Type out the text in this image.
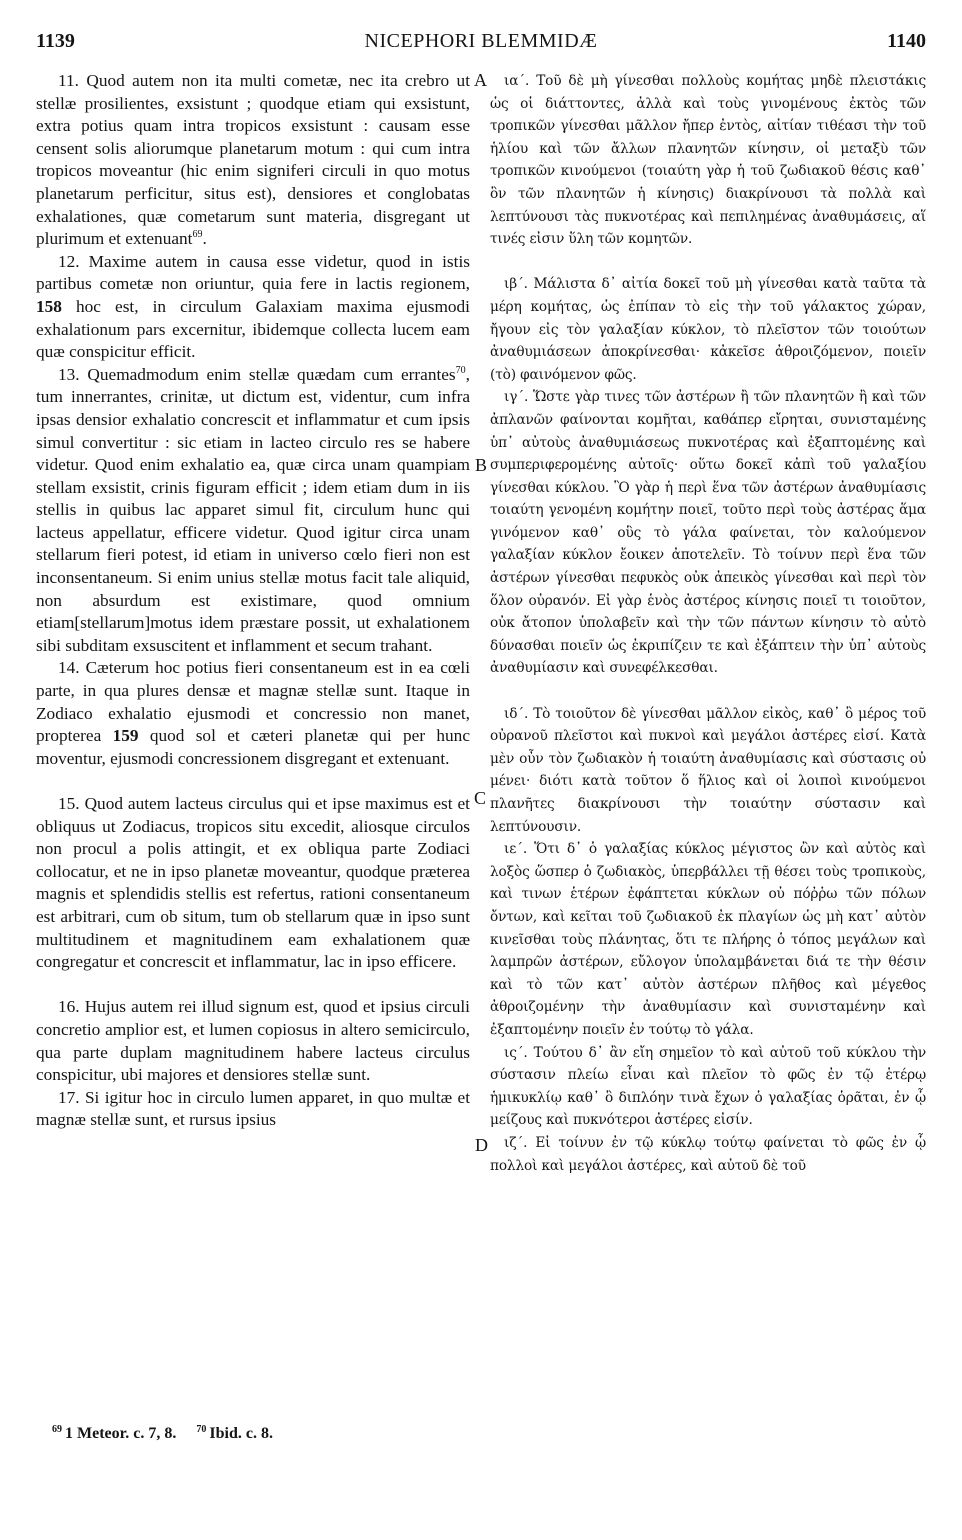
1139	NICEPHORI BLEMMIDÆ	1140

11. Quod autem non ita multi cometæ, nec ita crebro ut stellæ prosilientes, exsistunt ; quodque etiam qui exsistunt, extra potius quam intra tropicos exsistunt : causam esse censent solis aliorumque planetarum motum : qui cum intra tropicos moveantur (hic enim signiferi circuli in quo motus planetarum perficitur, situs est), densiores et conglobatas exhalationes, quæ cometarum sunt materia, disgregant ut plurimum et extenuant$^{69}$.

12. Maxime autem in causa esse videtur, quod in istis partibus cometæ non oriuntur, quia fere in lactis regionem, 158 hoc est, in circulum Galaxiam maxima ejusmodi exhalationum pars excernitur, ibidemque collecta lucem eam quæ conspicitur efficit.

13. Quemadmodum enim stellæ quædam cum errantes$^{70}$, tum innerrantes, crinitæ, ut dictum est, videntur, cum infra ipsas densior exhalatio concrescit et inflammatur et cum ipsis simul convertitur : sic etiam in lacteo circulo res se habere videtur. Quod enim exhalatio ea, quæ circa unam quampiam stellam exsistit, crinis figuram efficit ; idem etiam dum in iis stellis in quibus lac apparet simul fit, circulum hunc qui lacteus appellatur, efficere videtur. Quod igitur circa unam stellarum fieri potest, id etiam in universo cœlo fieri non est inconsentaneum. Si enim unius stellæ motus facit tale aliquid, non absurdum est existimare, quod omnium etiam[stellarum]motus idem præstare possit, ut exhalationem sibi subditam exsuscitent et inflamment et secum trahant.

14. Cæterum hoc potius fieri consentaneum est in ea cœli parte, in qua plures densæ et magnæ stellæ sunt. Itaque in Zodiaco exhalatio ejusmodi et concressio non manet, propterea 159 quod sol et cæteri planetæ qui per hunc moventur, ejusmodi concressionem disgregant et extenuant.

15. Quod autem lacteus circulus qui et ipse maximus est et obliquus ut Zodiacus, tropicos situ excedit, aliosque circulos non procul a polis attingit, et ex obliqua parte Zodiaci collocatur, et ne in ipso planetæ moveantur, quodque præterea magnis et splendidis stellis est refertus, rationi consentaneum est arbitrari, cum ob situm, tum ob stellarum quæ in ipso sunt multitudinem et magnitudinem eam exhalationem quæ congregatur et concrescit et inflammatur, lac in ipso efficere.

16. Hujus autem rei illud signum est, quod et ipsius circuli concretio amplior est, et lumen copiosus in altero semicirculo, qua parte duplam magnitudinem habere lacteus circulus conspicitur, ubi majores et densiores stellæ sunt.

17. Si igitur hoc in circulo lumen apparet, in quo multæ et magnæ stellæ sunt, et rursus ipsius

A
B
C
D

ια΄. Τοῦ δὲ μὴ γίνεσθαι πολλοὺς κομήτας μηδὲ πλειστάκις ὡς οἱ διάττοντες, ἀλλὰ καὶ τοὺς γινομένους ἐκτὸς τῶν τροπικῶν γίνεσθαι μᾶλλον ἤπερ ἐντὸς, αἰτίαν τιθέασι τὴν τοῦ ἡλίου καὶ τῶν ἄλλων πλανητῶν κίνησιν, οἱ μεταξὺ τῶν τροπικῶν κινούμενοι (τοιαύτη γὰρ ἡ τοῦ ζωδιακοῦ θέσις καθ᾿ ὃν τῶν πλανητῶν ἡ κίνησις) διακρίνουσι τὰ πολλὰ καὶ λεπτύνουσι τὰς πυκνοτέρας καὶ πεπιλημένας ἀναθυμάσεις, αἵ τινές εἰσιν ὕλη τῶν κομητῶν.

ιβ΄. Μάλιστα δ᾿ αἰτία δοκεῖ τοῦ μὴ γίνεσθαι κατὰ ταῦτα τὰ μέρη κομήτας, ὡς ἐπίπαν τὸ εἰς τὴν τοῦ γάλακτος χώραν, ἤγουν εἰς τὸν γαλαξίαν κύκλον, τὸ πλεῖστον τῶν τοιούτων ἀναθυμιάσεων ἀποκρίνεσθαι· κἀκεῖσε ἀθροιζόμενον, ποιεῖν (τὸ) φαινόμενον φῶς.

ιγ΄. Ὥστε γὰρ τινες τῶν ἀστέρων ἢ τῶν πλανητῶν ἢ καὶ τῶν ἀπλανῶν φαίνονται κομῆται, καθάπερ εἴρηται, συνισταμένης ὑπ᾿ αὐτοὺς ἀναθυμιάσεως πυκνοτέρας καὶ ἐξαπτομένης καὶ συμπεριφερομένης αὐτοῖς· οὕτω δοκεῖ κἀπὶ τοῦ γαλαξίου γίνεσθαι κύκλου. Ὃ γὰρ ἡ περὶ ἕνα τῶν ἀστέρων ἀναθυμίασις τοιαύτη γενομένη κομήτην ποιεῖ, τοῦτο περὶ τοὺς ἀστέρας ἅμα γινόμενον καθ᾿ οὓς τὸ γάλα φαίνεται, τὸν καλούμενον γαλαξίαν κύκλον ἔοικεν ἀποτελεῖν. Τὸ τοίνυν περὶ ἕνα τῶν ἀστέρων γίνεσθαι πεφυκὸς οὐκ ἀπεικὸς γίνεσθαι καὶ περὶ τὸν ὅλον οὐρανόν. Εἰ γὰρ ἑνὸς ἀστέρος κίνησις ποιεῖ τι τοιοῦτον, οὐκ ἄτοπον ὑπολαβεῖν καὶ τὴν τῶν πάντων κίνησιν τὸ αὐτὸ δύνασθαι ποιεῖν ὡς ἐκριπίζειν τε καὶ ἐξάπτειν τὴν ὑπ᾿ αὐτοὺς ἀναθυμίασιν καὶ συνεφέλκεσθαι.

ιδ΄. Τὸ τοιοῦτον δὲ γίνεσθαι μᾶλλον εἰκὸς, καθ᾿ ὃ μέρος τοῦ οὐρανοῦ πλεῖστοι καὶ πυκνοὶ καὶ μεγάλοι ἀστέρες εἰσί. Κατὰ μὲν οὖν τὸν ζωδιακὸν ἡ τοιαύτη ἀναθυμίασις καὶ σύστασις οὐ μένει· διότι κατὰ τοῦτον ὅ ἥλιος καὶ οἱ λοιποὶ κινούμενοι πλανῆτες διακρίνουσι τὴν τοιαύτην σύστασιν καὶ λεπτύνουσιν.

ιε΄. Ὅτι δ᾿ ὁ γαλαξίας κύκλος μέγιστος ὢν καὶ αὐτὸς καὶ λοξὸς ὥσπερ ὁ ζωδιακὸς, ὑπερβάλλει τῇ θέσει τοὺς τροπικοὺς, καὶ τινων ἑτέρων ἐφάπτεται κύκλων οὐ πόῤῥω τῶν πόλων ὄντων, καὶ κεῖται τοῦ ζωδιακοῦ ἐκ πλαγίων ὡς μὴ κατ᾿ αὐτὸν κινεῖσθαι τοὺς πλάνητας, ὅτι τε πλήρης ὁ τόπος μεγάλων καὶ λαμπρῶν ἀστέρων, εὔλογον ὑπολαμβάνεται διά τε τὴν θέσιν καὶ τὸ τῶν κατ᾿ αὐτὸν ἀστέρων πλῆθος καὶ μέγεθος ἀθροιζομένην τὴν ἀναθυμίασιν καὶ συνισταμένην καὶ ἐξαπτομένην ποιεῖν ἐν τούτῳ τὸ γάλα.

ις΄. Τούτου δ᾿ ἂν εἴη σημεῖον τὸ καὶ αὐτοῦ τοῦ κύκλου τὴν σύστασιν πλείω εἶναι καὶ πλεῖον τὸ φῶς ἐν τῷ ἑτέρῳ ἡμικυκλίῳ καθ᾿ ὃ διπλόην τινὰ ἔχων ὁ γαλαξίας ὁρᾶται, ἐν ᾧ μείζους καὶ πυκνότεροι ἀστέρες εἰσίν.

ιζ΄. Εἰ τοίνυν ἐν τῷ κύκλῳ τούτῳ φαίνεται τὸ φῶς ἐν ᾧ πολλοὶ καὶ μεγάλοι ἀστέρες, καὶ αὐτοῦ δὲ τοῦ

$^{69}$ 1 Meteor. c. 7, 8. $^{70}$ Ibid. c. 8.
